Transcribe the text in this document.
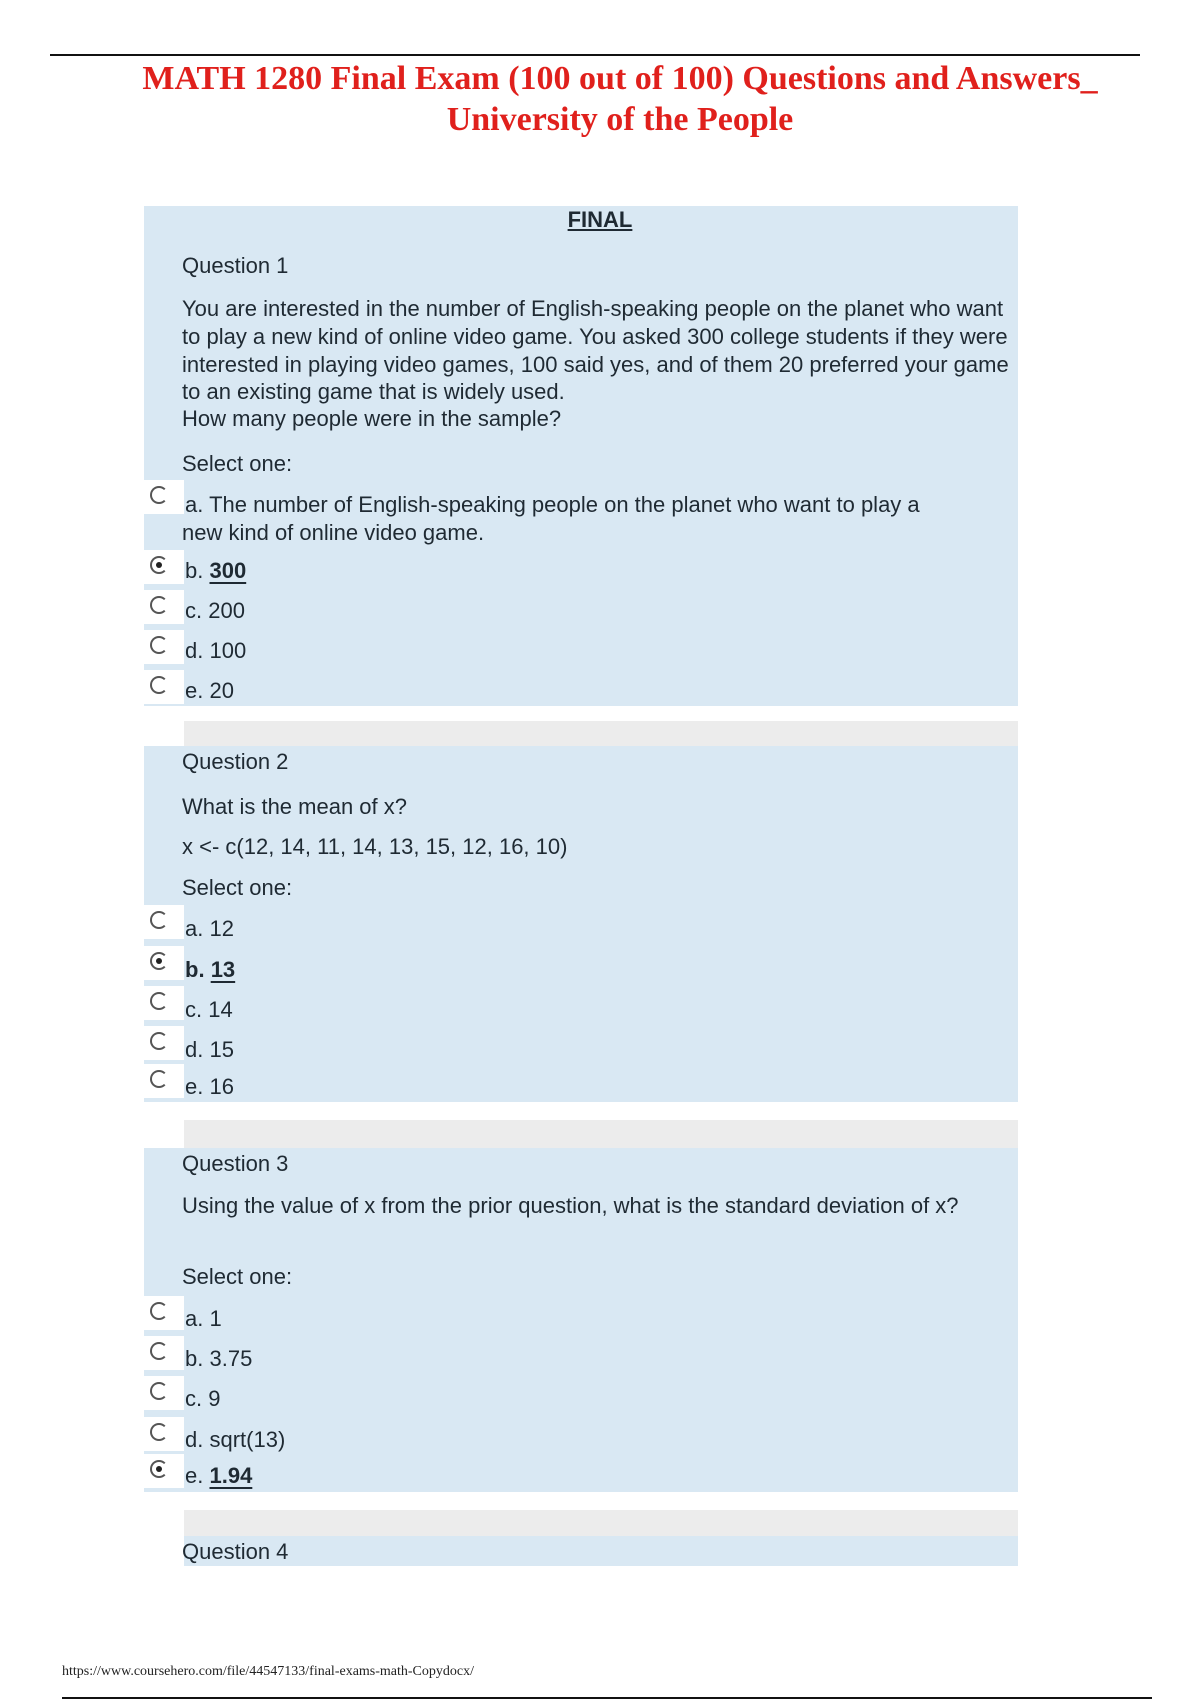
MATH 1280 Final Exam (100 out of 100) Questions and Answers_
University of the People
FINAL
Question 1
You are interested in the number of English-speaking people on the planet who want to play a new kind of online video game. You asked 300 college students if they were interested in playing video games, 100 said yes, and of them 20 preferred your game to an existing game that is widely used.
How many people were in the sample?
Select one:
a. The number of English-speaking people on the planet who want to play a
new kind of online video game.
b. 300
c. 200
d. 100
e. 20
Question 2
What is the mean of x?
x <- c(12, 14, 11, 14, 13, 15, 12, 16, 10)
Select one:
a. 12
b. 13
c. 14
d. 15
e. 16
Question 3
Using the value of x from the prior question, what is the standard deviation of x?
Select one:
a. 1
b. 3.75
c. 9
d. sqrt(13)
e. 1.94
Question 4
https://www.coursehero.com/file/44547133/final-exams-math-Copydocx/
